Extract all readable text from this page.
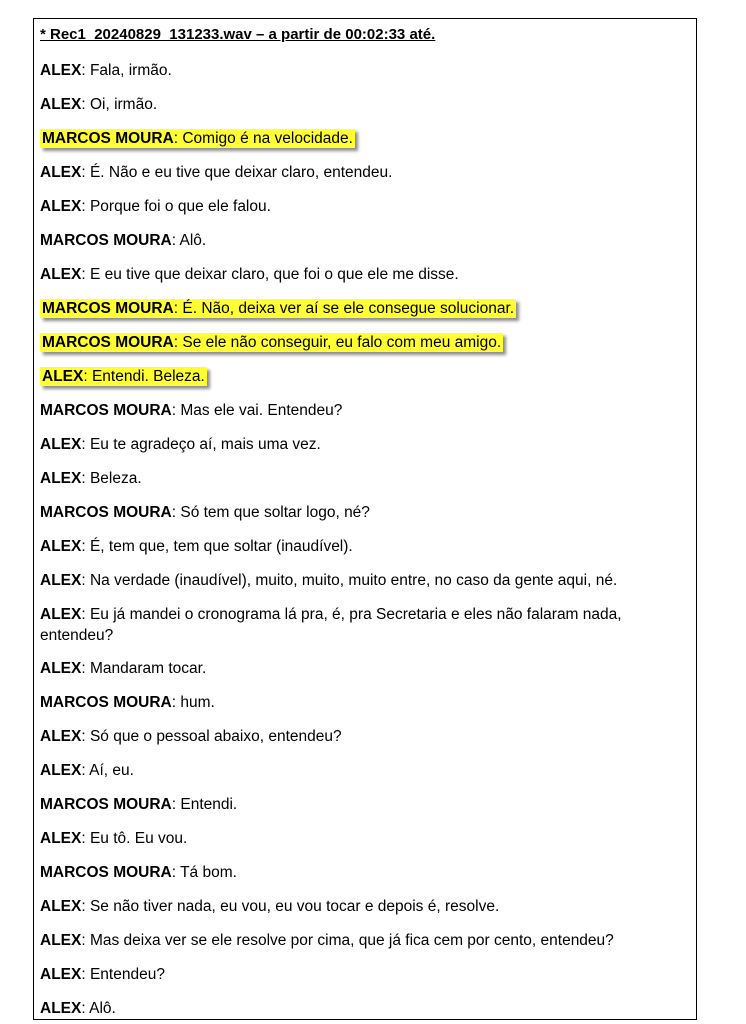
* Rec1_20240829_131233.wav – a partir de 00:02:33 até.
ALEX: Fala, irmão.
ALEX: Oi, irmão.
MARCOS MOURA: Comigo é na velocidade.
ALEX: É. Não e eu tive que deixar claro, entendeu.
ALEX: Porque foi o que ele falou.
MARCOS MOURA: Alô.
ALEX: E eu tive que deixar claro, que foi o que ele me disse.
MARCOS MOURA: É. Não, deixa ver aí se ele consegue solucionar.
MARCOS MOURA: Se ele não conseguir, eu falo com meu amigo.
ALEX: Entendi. Beleza.
MARCOS MOURA: Mas ele vai. Entendeu?
ALEX: Eu te agradeço aí, mais uma vez.
ALEX: Beleza.
MARCOS MOURA: Só tem que soltar logo, né?
ALEX: É, tem que, tem que soltar (inaudível).
ALEX: Na verdade (inaudível), muito, muito, muito entre, no caso da gente aqui, né.
ALEX: Eu já mandei o cronograma lá pra, é, pra Secretaria e eles não falaram nada, entendeu?
ALEX: Mandaram tocar.
MARCOS MOURA: hum.
ALEX: Só que o pessoal abaixo, entendeu?
ALEX: Aí, eu.
MARCOS MOURA: Entendi.
ALEX: Eu tô. Eu vou.
MARCOS MOURA: Tá bom.
ALEX: Se não tiver nada, eu vou, eu vou tocar e depois é, resolve.
ALEX: Mas deixa ver se ele resolve por cima, que já fica cem por cento, entendeu?
ALEX: Entendeu?
ALEX: Alô.
